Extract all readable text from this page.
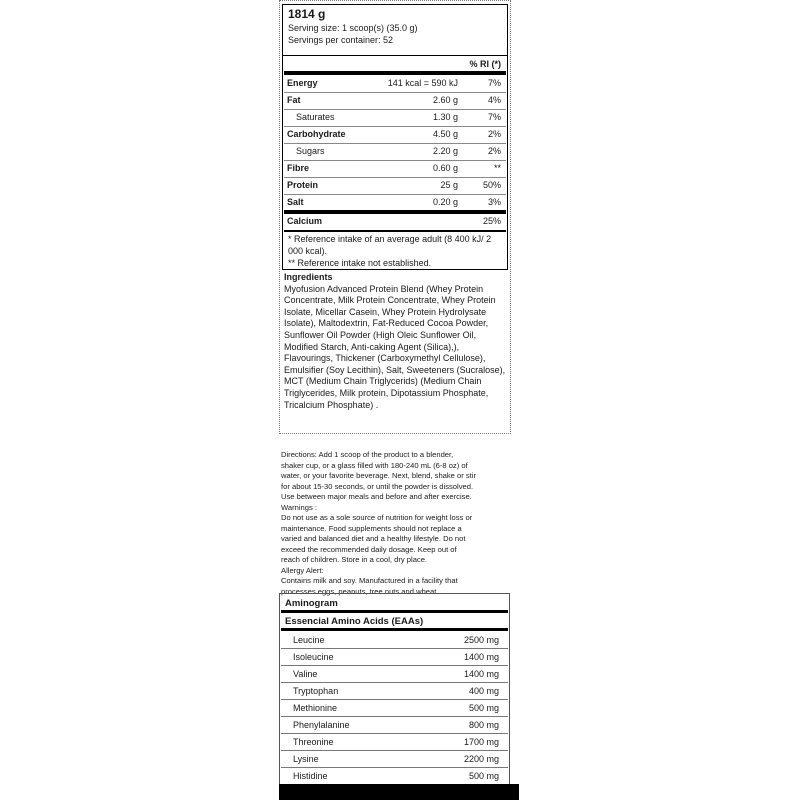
1814 g
Serving size: 1 scoop(s) (35.0 g)
Servings per container: 52
% RI (*)
Energy	141 kcal = 590 kJ	7%
Fat	2.60 g	4%
Saturates	1.30 g	7%
Carbohydrate	4.50 g	2%
Sugars	2.20 g	2%
Fibre	0.60 g	**
Protein	25 g	50%
Salt	0.20 g	3%
Calcium	25%
* Reference intake of an average adult (8 400 kJ/ 2 000 kcal).
** Reference intake not established.
Ingredients
Myofusion Advanced Protein Blend (Whey Protein Concentrate, Milk Protein Concentrate, Whey Protein Isolate, Micellar Casein, Whey Protein Hydrolysate Isolate), Maltodextrin, Fat-Reduced Cocoa Powder, Sunflower Oil Powder (High Oleic Sunflower Oil, Modified Starch, Anti-caking Agent (Silica),), Flavourings, Thickener (Carboxymethyl Cellulose), Emulsifier (Soy Lecithin), Salt, Sweeteners (Sucralose), MCT (Medium Chain Triglycerids) (Medium Chain Triglycerides, Milk protein, Dipotassium Phosphate, Tricalcium Phosphate) .
Directions: Add 1 scoop of the product to a blender,
shaker cup, or a glass filled with 180-240 mL (6-8 oz) of
water, or your favorite beverage. Next, blend, shake or stir
for about 15-30 seconds, or until the powder is dissolved.
Use between major meals and before and after exercise.
Warnings :
Do not use as a sole source of nutrition for weight loss or
maintenance. Food supplements should not replace a
varied and balanced diet and a healthy lifestyle. Do not
exceed the recommended daily dosage. Keep out of
reach of children. Store in a cool, dry place.
Allergy Alert:
Contains milk and soy. Manufactured in a facility that
processes eggs, peanuts, tree nuts and wheat.
Aminogram
Essencial Amino Acids (EAAs)
Leucine	2500 mg
Isoleucine	1400 mg
Valine	1400 mg
Tryptophan	400 mg
Methionine	500 mg
Phenylalanine	800 mg
Threonine	1700 mg
Lysine	2200 mg
Histidine	500 mg
